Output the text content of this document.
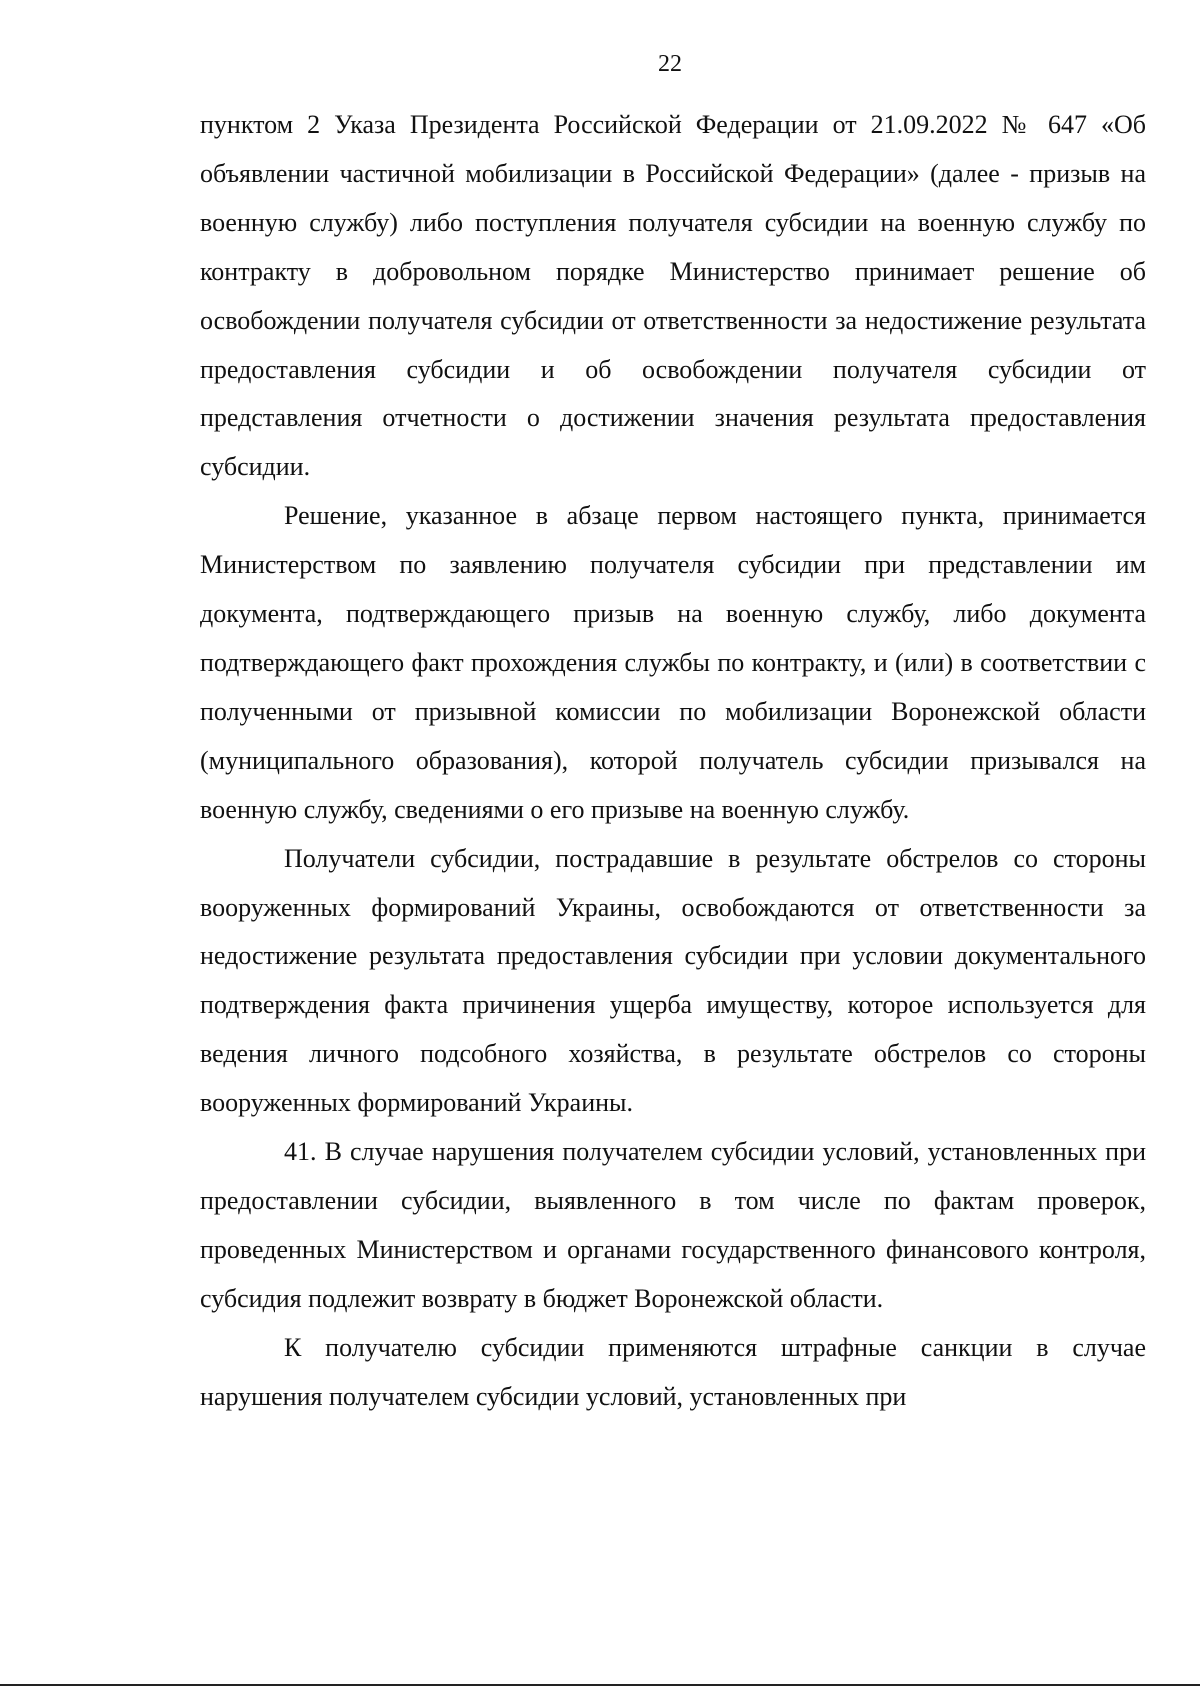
22

пунктом 2 Указа Президента Российской Федерации от 21.09.2022 № 647 «Об объявлении частичной мобилизации в Российской Федерации» (далее - призыв на военную службу) либо поступления получателя субсидии на военную службу по контракту в добровольном порядке Министерство принимает решение об освобождении получателя субсидии от ответственности за недостижение результата предоставления субсидии и об освобождении получателя субсидии от представления отчетности о достижении значения результата предоставления субсидии.

Решение, указанное в абзаце первом настоящего пункта, принимается Министерством по заявлению получателя субсидии при представлении им документа, подтверждающего призыв на военную службу, либо документа подтверждающего факт прохождения службы по контракту, и (или) в соответствии с полученными от призывной комиссии по мобилизации Воронежской области (муниципального образования), которой получатель субсидии призывался на военную службу, сведениями о его призыве на военную службу.

Получатели субсидии, пострадавшие в результате обстрелов со стороны вооруженных формирований Украины, освобождаются от ответственности за недостижение результата предоставления субсидии при условии документального подтверждения факта причинения ущерба имуществу, которое используется для ведения личного подсобного хозяйства, в результате обстрелов со стороны вооруженных формирований Украины.

41. В случае нарушения получателем субсидии условий, установленных при предоставлении субсидии, выявленного в том числе по фактам проверок, проведенных Министерством и органами государственного финансового контроля, субсидия подлежит возврату в бюджет Воронежской области.

К получателю субсидии применяются штрафные санкции в случае нарушения получателем субсидии условий, установленных при
